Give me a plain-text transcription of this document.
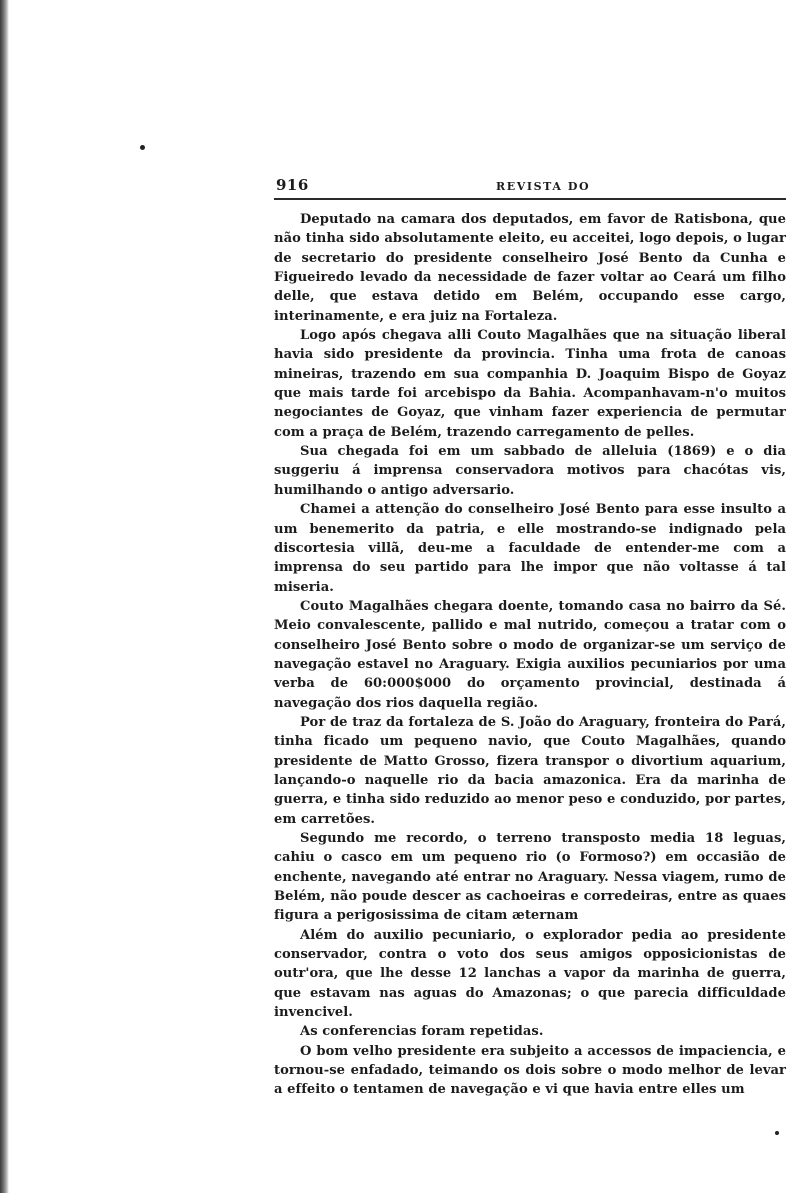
916	REVISTA DO

Deputado na camara dos deputados, em favor de Ratisbona, que não tinha sido absolutamente eleito, eu acceitei, logo depois, o lugar de secretario do presidente conselheiro José Bento da Cunha e Figueiredo levado da necessidade de fazer voltar ao Ceará um filho delle, que estava detido em Belém, occupando esse cargo, interinamente, e era juiz na Fortaleza.

Logo após chegava alli Couto Magalhães que na situação liberal havia sido presidente da provincia. Tinha uma frota de canoas mineiras, trazendo em sua companhia D. Joaquim Bispo de Goyaz que mais tarde foi arcebispo da Bahia. Acompanhavam-n'o muitos negociantes de Goyaz, que vinham fazer experiencia de permutar com a praça de Belém, trazendo carregamento de pelles.

Sua chegada foi em um sabbado de alleluia (1869) e o dia suggeriu á imprensa conservadora motivos para chacótas vis, humilhando o antigo adversario.

Chamei a attenção do conselheiro José Bento para esse insulto a um benemerito da patria, e elle mostrando-se indignado pela discortesia villã, deu-me a faculdade de entender-me com a imprensa do seu partido para lhe impor que não voltasse á tal miseria.

Couto Magalhães chegara doente, tomando casa no bairro da Sé. Meio convalescente, pallido e mal nutrido, começou a tratar com o conselheiro José Bento sobre o modo de organizar-se um serviço de navegação estavel no Araguary. Exigia auxilios pecuniarios por uma verba de 60:000$000 do orçamento provincial, destinada á navegação dos rios daquella região.

Por de traz da fortaleza de S. João do Araguary, fronteira do Pará, tinha ficado um pequeno navio, que Couto Magalhães, quando presidente de Matto Grosso, fizera transpor o divortium aquarium, lançando-o naquelle rio da bacia amazonica. Era da marinha de guerra, e tinha sido reduzido ao menor peso e conduzido, por partes, em carretões.

Segundo me recordo, o terreno transposto media 18 leguas, cahiu o casco em um pequeno rio (o Formoso?) em occasião de enchente, navegando até entrar no Araguary. Nessa viagem, rumo de Belém, não poude descer as cachoeiras e corredeiras, entre as quaes figura a perigosissima de citam æternam

Além do auxilio pecuniario, o explorador pedia ao presidente conservador, contra o voto dos seus amigos opposicionistas de outr'ora, que lhe desse 12 lanchas a vapor da marinha de guerra, que estavam nas aguas do Amazonas; o que parecia difficuldade invencivel.

As conferencias foram repetidas.

O bom velho presidente era subjeito a accessos de impaciencia, e tornou-se enfadado, teimando os dois sobre o modo melhor de levar a effeito o tentamen de navegação e vi que havia entre elles um
